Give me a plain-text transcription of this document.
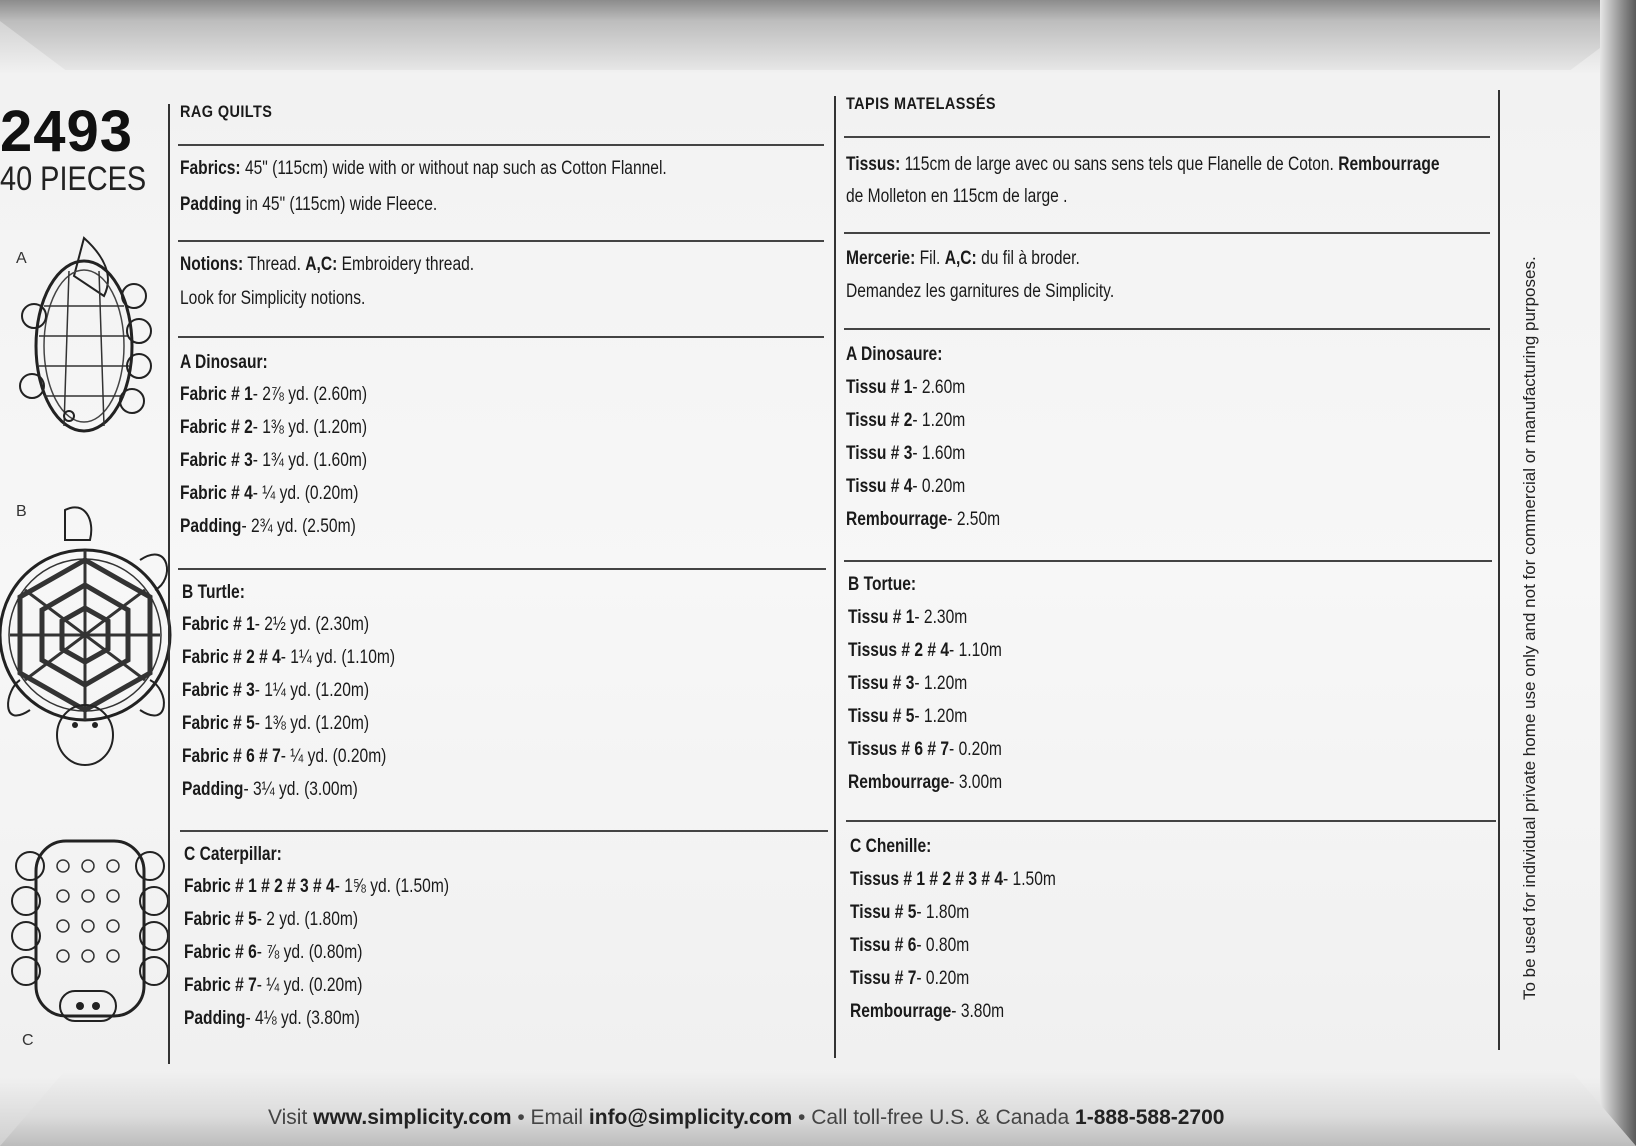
2493
40 PIECES
A
B
C
RAG QUILTS
Fabrics: 45" (115cm) wide with or without nap such as Cotton Flannel.
Padding in 45" (115cm) wide Fleece.
Notions: Thread. A,C: Embroidery thread.
Look for Simplicity notions.
A Dinosaur:
Fabric # 1- 2⅞ yd. (2.60m)
Fabric # 2- 1⅜ yd. (1.20m)
Fabric # 3- 1¾ yd. (1.60m)
Fabric # 4- ¼ yd. (0.20m)
Padding- 2¾ yd. (2.50m)
B Turtle:
Fabric # 1- 2½ yd. (2.30m)
Fabric # 2 # 4- 1¼ yd. (1.10m)
Fabric # 3- 1¼ yd. (1.20m)
Fabric # 5- 1⅜ yd. (1.20m)
Fabric # 6 # 7- ¼ yd. (0.20m)
Padding- 3¼ yd. (3.00m)
C Caterpillar:
Fabric # 1 # 2 # 3 # 4- 1⅝ yd. (1.50m)
Fabric # 5- 2 yd. (1.80m)
Fabric # 6- ⅞ yd. (0.80m)
Fabric # 7- ¼ yd. (0.20m)
Padding- 4⅛ yd. (3.80m)
TAPIS MATELASSÉS
Tissus: 115cm de large avec ou sans sens tels que Flanelle de Coton. Rembourrage
de Molleton en 115cm de large .
Mercerie: Fil. A,C: du fil à broder.
Demandez les garnitures de Simplicity.
A Dinosaure:
Tissu # 1- 2.60m
Tissu # 2- 1.20m
Tissu # 3- 1.60m
Tissu # 4- 0.20m
Rembourrage- 2.50m
B Tortue:
Tissu # 1- 2.30m
Tissus # 2 # 4- 1.10m
Tissu # 3- 1.20m
Tissu # 5- 1.20m
Tissus # 6 # 7- 0.20m
Rembourrage- 3.00m
C Chenille:
Tissus # 1 # 2 # 3 # 4- 1.50m
Tissu # 5- 1.80m
Tissu # 6- 0.80m
Tissu # 7- 0.20m
Rembourrage- 3.80m
To be used for individual private home use only and not for commercial or manufacturing purposes.
Visit www.simplicity.com • Email info@simplicity.com • Call toll-free U.S. & Canada 1-888-588-2700
